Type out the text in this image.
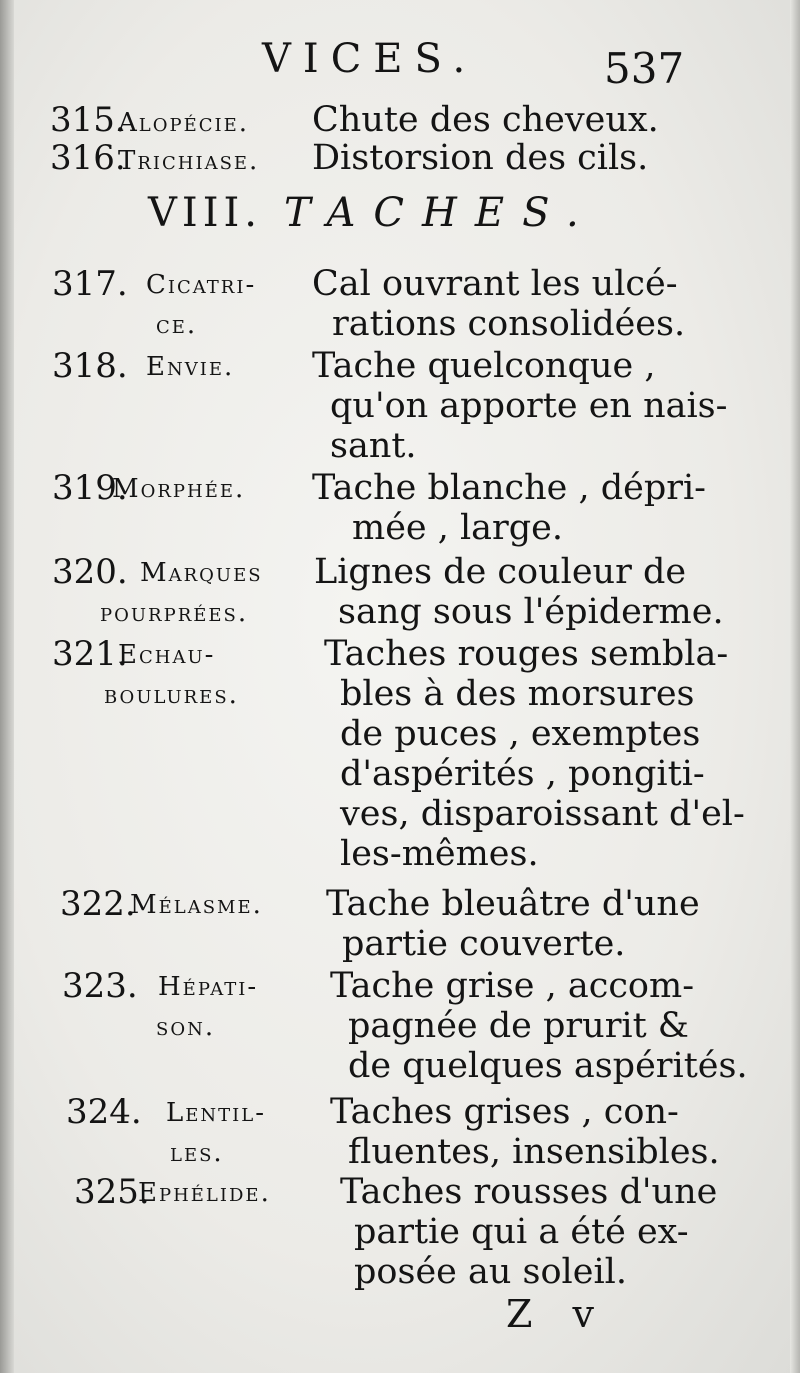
VICES.	537
315.
Alopécie. Chute des cheveux.
316.
Trichiase. Distorsion des cils.
VIII. TACHES.
317. Cicatri-
ce.
Cal ouvrant les ulcé-
rations consolidées.
318. Envie. Tache quelconque ,
qu'on apporte en nais-
sant.
319.
Morphée. Tache blanche , dépri-
mée , large.
320. Marques
pourprées.
Lignes de couleur de
sang sous l'épiderme.
321.
Echau-
boulures.
Taches rouges sembla-
bles à des morsures
de puces , exemptes
d'aspérités , pongiti-
ves, disparoissant d'el-
les-mêmes.
322.
Mélasme. Tache bleuâtre d'une
partie couverte.
323. Hépati-
son.
Tache grise , accom-
pagnée de prurit &
de quelques aspérités.
324. Lentil-
les.
Taches grises , con-
fluentes, insensibles.
325.
Ephélide. Taches rousses d'une
partie qui a été ex-
posée au soleil.
Z v
